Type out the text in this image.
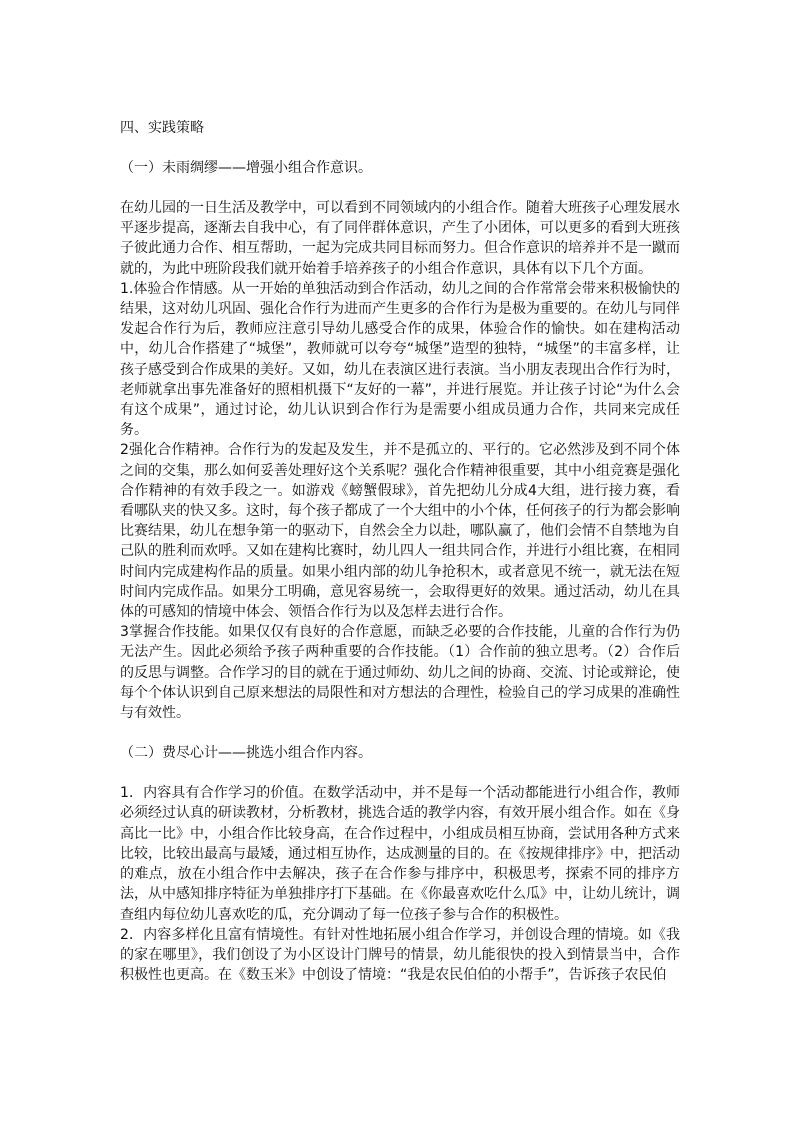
四、实践策略

（一）未雨绸缪——增强小组合作意识。

在幼儿园的一日生活及教学中，可以看到不同领域内的小组合作。随着大班孩子心理发展水平逐步提高，逐渐去自我中心，有了同伴群体意识，产生了小团体，可以更多的看到大班孩子彼此通力合作、相互帮助，一起为完成共同目标而努力。但合作意识的培养并不是一蹴而就的，为此中班阶段我们就开始着手培养孩子的小组合作意识，具体有以下几个方面。

1.体验合作情感。从一开始的单独活动到合作活动，幼儿之间的合作常常会带来积极愉快的结果，这对幼儿巩固、强化合作行为进而产生更多的合作行为是极为重要的。在幼儿与同伴发起合作行为后，教师应注意引导幼儿感受合作的成果，体验合作的愉快。如在建构活动中，幼儿合作搭建了“城堡”，教师就可以夸夸“城堡”造型的独特，“城堡”的丰富多样，让孩子感受到合作成果的美好。又如，幼儿在表演区进行表演。当小朋友表现出合作行为时，老师就拿出事先准备好的照相机摄下“友好的一幕”，并进行展览。并让孩子讨论“为什么会有这个成果”，通过讨论，幼儿认识到合作行为是需要小组成员通力合作，共同来完成任务。

2强化合作精神。合作行为的发起及发生，并不是孤立的、平行的。它必然涉及到不同个体之间的交集，那么如何妥善处理好这个关系呢？强化合作精神很重要，其中小组竞赛是强化合作精神的有效手段之一。如游戏《螃蟹假球》，首先把幼儿分成4大组，进行接力赛，看看哪队夹的快又多。这时，每个孩子都成了一个大组中的小个体，任何孩子的行为都会影响比赛结果，幼儿在想争第一的驱动下，自然会全力以赴，哪队赢了，他们会情不自禁地为自己队的胜利而欢呼。又如在建构比赛时，幼儿四人一组共同合作，并进行小组比赛，在相同时间内完成建构作品的质量。如果小组内部的幼儿争抢积木，或者意见不统一，就无法在短时间内完成作品。如果分工明确，意见容易统一，会取得更好的效果。通过活动，幼儿在具体的可感知的情境中体会、领悟合作行为以及怎样去进行合作。

3掌握合作技能。如果仅仅有良好的合作意愿，而缺乏必要的合作技能，儿童的合作行为仍无法产生。因此必须给予孩子两种重要的合作技能。（1）合作前的独立思考。（2）合作后的反思与调整。合作学习的目的就在于通过师幼、幼儿之间的协商、交流、讨论或辩论，使每个个体认识到自己原来想法的局限性和对方想法的合理性，检验自己的学习成果的准确性与有效性。

（二）费尽心计——挑选小组合作内容。

1．内容具有合作学习的价值。在数学活动中，并不是每一个活动都能进行小组合作，教师必须经过认真的研读教材，分析教材，挑选合适的教学内容，有效开展小组合作。如在《身高比一比》中，小组合作比较身高，在合作过程中，小组成员相互协商，尝试用各种方式来比较，比较出最高与最矮，通过相互协作，达成测量的目的。在《按规律排序》中，把活动的难点，放在小组合作中去解决，孩子在合作参与排序中，积极思考，探索不同的排序方法，从中感知排序特征为单独排序打下基础。在《你最喜欢吃什么瓜》中，让幼儿统计，调查组内每位幼儿喜欢吃的瓜，充分调动了每一位孩子参与合作的积极性。

2．内容多样化且富有情境性。有针对性地拓展小组合作学习，并创设合理的情境。如《我的家在哪里》，我们创设了为小区设计门牌号的情景，幼儿能很快的投入到情景当中，合作积极性也更高。在《数玉米》中创设了情境：“我是农民伯伯的小帮手”，告诉孩子农民伯
